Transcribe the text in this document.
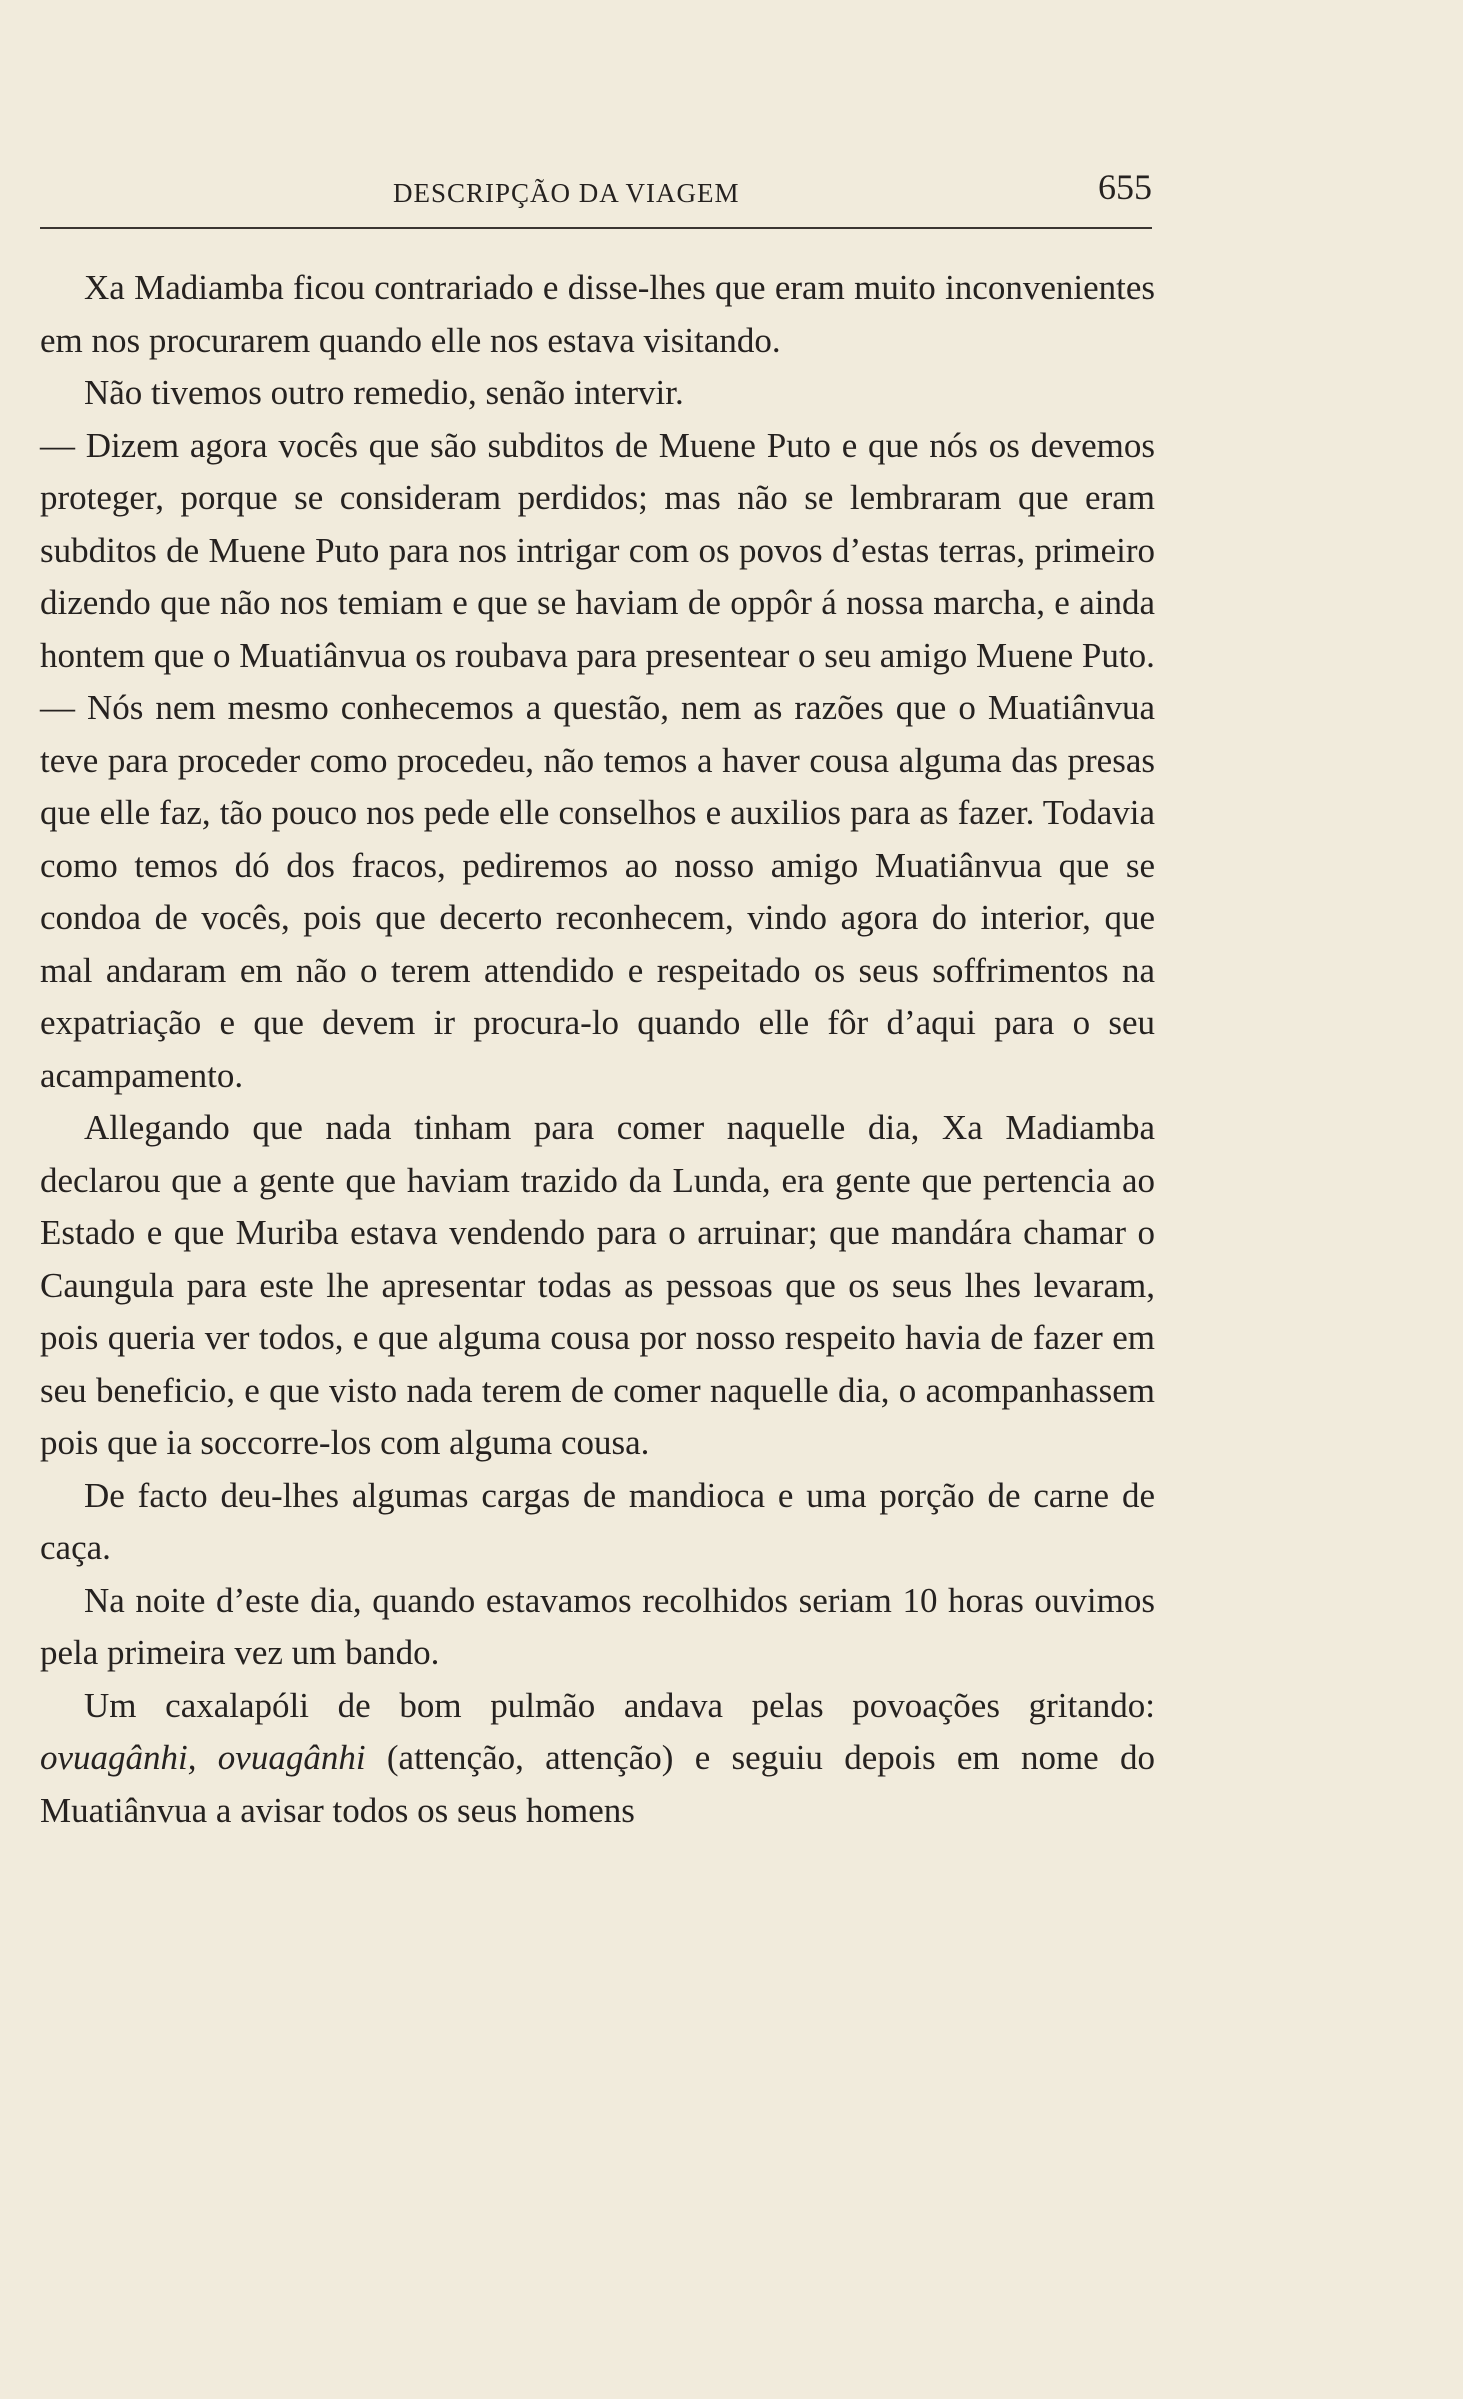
DESCRIPÇÃO DA VIAGEM	655

Xa Madiamba ficou contrariado e disse-lhes que eram muito inconvenientes em nos procurarem quando elle nos estava visitando.

Não tivemos outro remedio, senão intervir.

— Dizem agora vocês que são subditos de Muene Puto e que nós os devemos proteger, porque se consideram perdidos; mas não se lembraram que eram subditos de Muene Puto para nos intrigar com os povos d’estas terras, primeiro dizendo que não nos temiam e que se haviam de oppôr á nossa marcha, e ainda hontem que o Muatiânvua os roubava para presentear o seu amigo Muene Puto.

— Nós nem mesmo conhecemos a questão, nem as razões que o Muatiânvua teve para proceder como procedeu, não temos a haver cousa alguma das presas que elle faz, tão pouco nos pede elle conselhos e auxilios para as fazer. Todavia como temos dó dos fracos, pediremos ao nosso amigo Muatiânvua que se condoa de vocês, pois que decerto reconhecem, vindo agora do interior, que mal andaram em não o terem attendido e respeitado os seus soffrimentos na expatriação e que devem ir procura-lo quando elle fôr d’aqui para o seu acampamento.

Allegando que nada tinham para comer naquelle dia, Xa Madiamba declarou que a gente que haviam trazido da Lunda, era gente que pertencia ao Estado e que Muriba estava vendendo para o arruinar; que mandára chamar o Caungula para este lhe apresentar todas as pessoas que os seus lhes levaram, pois queria ver todos, e que alguma cousa por nosso respeito havia de fazer em seu beneficio, e que visto nada terem de comer naquelle dia, o acompanhassem pois que ia soccorre-los com alguma cousa.

De facto deu-lhes algumas cargas de mandioca e uma porção de carne de caça.

Na noite d’este dia, quando estavamos recolhidos seriam 10 horas ouvimos pela primeira vez um bando.

Um caxalapóli de bom pulmão andava pelas povoações gritando: ovuagânhi, ovuagânhi (attenção, attenção) e seguiu depois em nome do Muatiânvua a avisar todos os seus homens
